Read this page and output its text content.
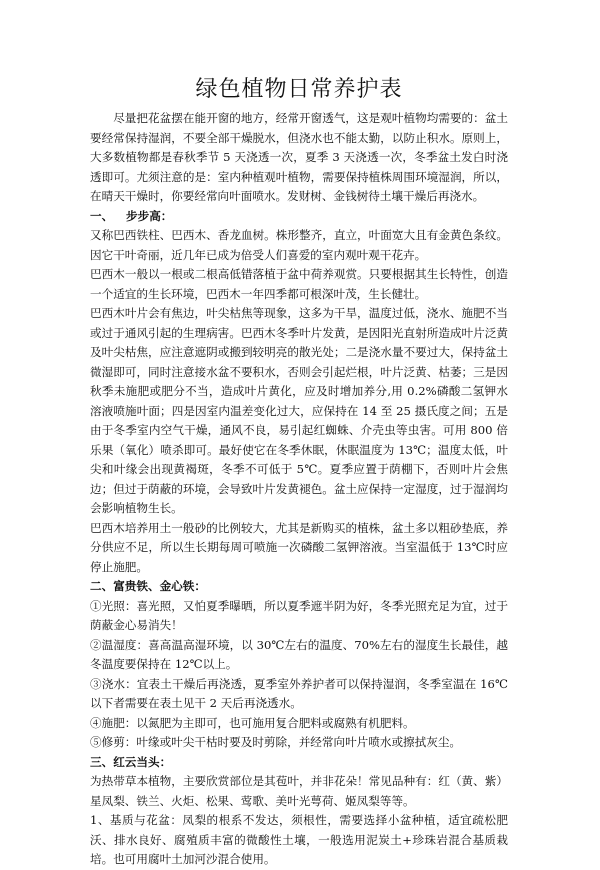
绿色植物日常养护表

尽量把花盆摆在能开窗的地方，经常开窗透气，这是观叶植物均需要的：盆土要经常保持湿润，不要全部干燥脱水，但浇水也不能太勤，以防止积水。原则上，大多数植物都是春秋季节 5 天浇透一次，夏季 3 天浇透一次，冬季盆土发白时浇透即可。尤须注意的是：室内种植观叶植物，需要保持植株周围环境湿润，所以，在晴天干燥时，你要经常向叶面喷水。发财树、金钱树待土壤干燥后再浇水。

一、 步步高：

又称巴西铁柱、巴西木、香龙血树。株形整齐，直立，叶面宽大且有金黄色条纹。因它干叶奇丽，近几年已成为倍受人们喜爱的室内观叶观干花卉。

巴西木一般以一根或二根高低错落植于盆中荷养观赏。只要根据其生长特性，创造一个适宜的生长环境，巴西木一年四季都可根深叶茂，生长健壮。

巴西木叶片会有焦边，叶尖枯焦等现象，这多为干旱，温度过低，浇水、施肥不当或过于通风引起的生理病害。巴西木冬季叶片发黄，是因阳光直射所造成叶片泛黄及叶尖枯焦，应注意遮阴或搬到较明亮的散光处；二是浇水量不要过大，保持盆土微湿即可，同时注意接水盆不要积水，否则会引起烂根，叶片泛黄、枯萎；三是因秋季未施肥或肥分不当，造成叶片黄化，应及时增加养分,用 0.2%磷酸二氢钾水溶液喷施叶面；四是因室内温差变化过大，应保持在 14 至 25 摄氏度之间；五是由于冬季室内空气干燥，通风不良，易引起红蜘蛛、介壳虫等虫害。可用 800 倍乐果（氧化）喷杀即可。最好使它在冬季休眠，休眠温度为 13℃；温度太低，叶尖和叶缘会出现黄褐斑，冬季不可低于 5℃。夏季应置于荫棚下，否则叶片会焦边；但过于荫蔽的环境，会导致叶片发黄褪色。盆土应保持一定湿度，过于湿润均会影响植物生长。

巴西木培养用土一般砂的比例较大，尤其是新购买的植株，盆土多以粗砂垫底，养分供应不足，所以生长期每周可喷施一次磷酸二氢钾溶液。当室温低于 13℃时应停止施肥。

二、富贵铁、金心铁：

①光照：喜光照，又怕夏季曝晒，所以夏季遮半阴为好，冬季光照充足为宜，过于荫蔽金心易消失！

②温湿度：喜高温高湿环境，以 30℃左右的温度、70%左右的湿度生长最佳，越冬温度要保持在 12℃以上。

③浇水：宜表土干燥后再浇透，夏季室外养护者可以保持湿润，冬季室温在 16℃以下者需要在表土见干 2 天后再浇透水。

④施肥：以氮肥为主即可，也可施用复合肥料或腐熟有机肥料。

⑤修剪：叶缘或叶尖干枯时要及时剪除，并经常向叶片喷水或擦拭灰尘。

三、红云当头：

为热带草本植物，主要欣赏部位是其苞叶，并非花朵！常见品种有：红（黄、紫）星凤梨、铁兰、火炬、松果、莺歌、美叶光萼荷、姬凤梨等等。

1、基质与花盆：凤梨的根系不发达，须根性，需要选择小盆种植，适宜疏松肥沃、排水良好、腐殖质丰富的微酸性土壤，一般选用泥炭土+珍珠岩混合基质栽培。也可用腐叶土加河沙混合使用。
